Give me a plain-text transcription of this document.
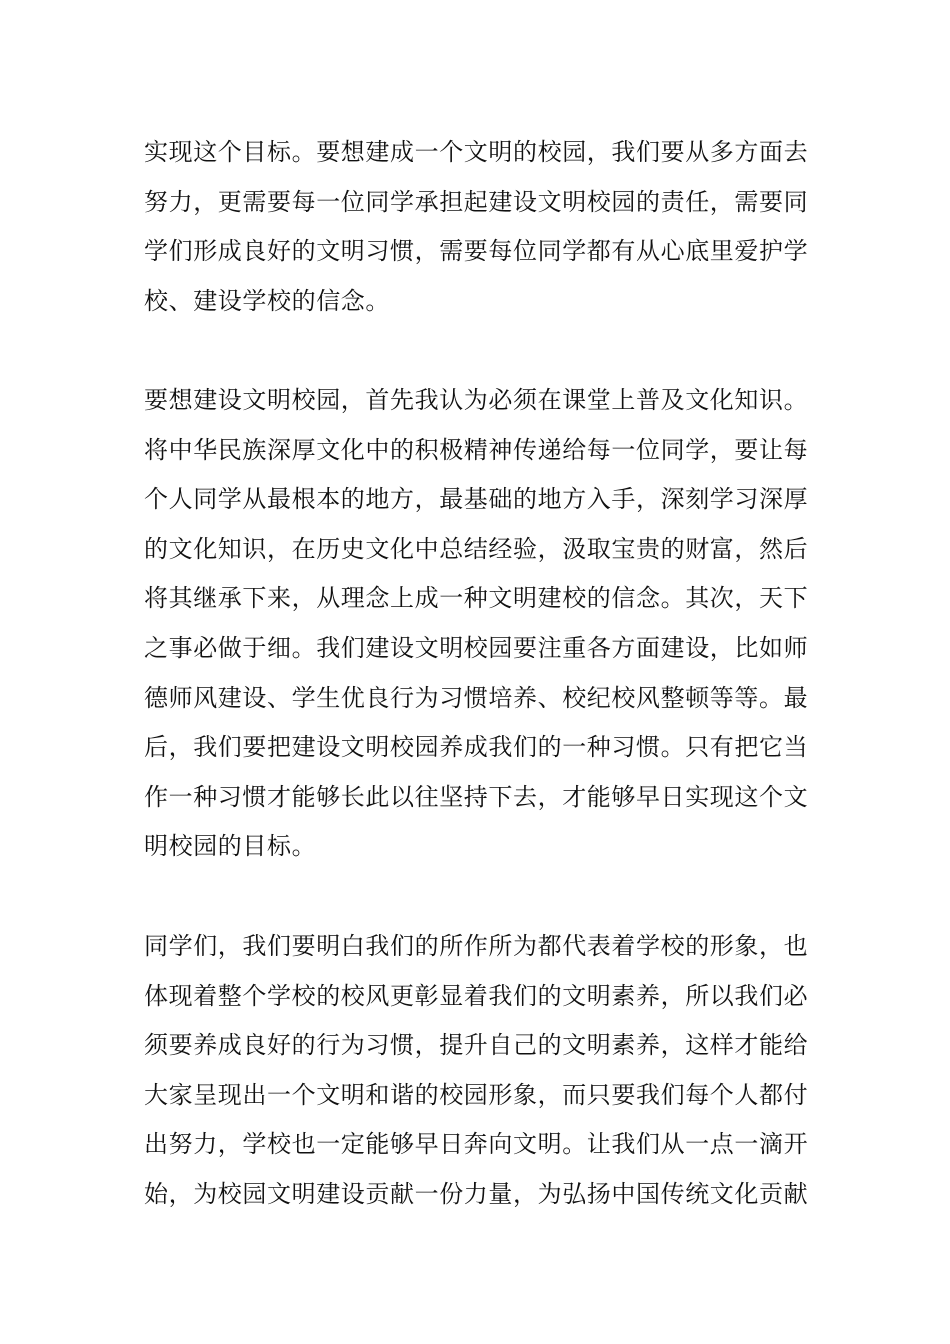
实现这个目标。要想建成一个文明的校园，我们要从多方面去
努力，更需要每一位同学承担起建设文明校园的责任，需要同
学们形成良好的文明习惯，需要每位同学都有从心底里爱护学
校、建设学校的信念。
要想建设文明校园，首先我认为必须在课堂上普及文化知识。
将中华民族深厚文化中的积极精神传递给每一位同学，要让每
个人同学从最根本的地方，最基础的地方入手，深刻学习深厚
的文化知识，在历史文化中总结经验，汲取宝贵的财富，然后
将其继承下来，从理念上成一种文明建校的信念。其次，天下
之事必做于细。我们建设文明校园要注重各方面建设，比如师
德师风建设、学生优良行为习惯培养、校纪校风整顿等等。最
后，我们要把建设文明校园养成我们的一种习惯。只有把它当
作一种习惯才能够长此以往坚持下去，才能够早日实现这个文
明校园的目标。
同学们，我们要明白我们的所作所为都代表着学校的形象，也
体现着整个学校的校风更彰显着我们的文明素养，所以我们必
须要养成良好的行为习惯，提升自己的文明素养，这样才能给
大家呈现出一个文明和谐的校园形象，而只要我们每个人都付
出努力，学校也一定能够早日奔向文明。让我们从一点一滴开
始，为校园文明建设贡献一份力量，为弘扬中国传统文化贡献
